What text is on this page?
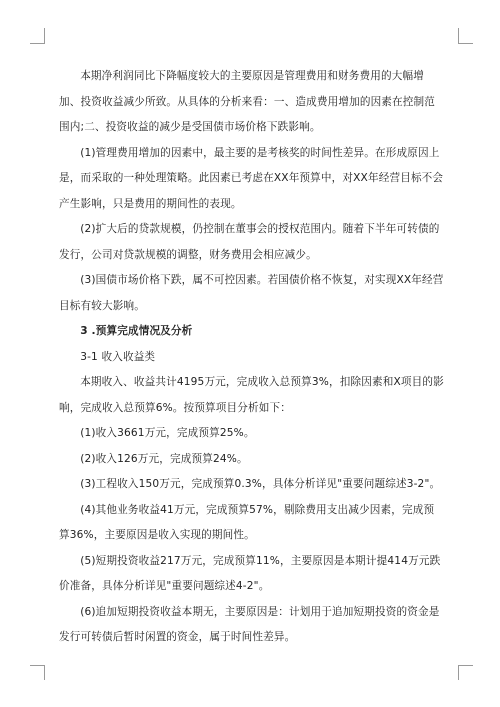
本期净利润同比下降幅度较大的主要原因是管理费用和财务费用的大幅增加、投资收益减少所致。从具体的分析来看：一、造成费用增加的因素在控制范围内;二、投资收益的减少是受国债市场价格下跌影响。

(1)管理费用增加的因素中，最主要的是考核奖的时间性差异。在形成原因上是，而采取的一种处理策略。此因素已考虑在XX年预算中，对XX年经营目标不会产生影响，只是费用的期间性的表现。

(2)扩大后的贷款规模，仍控制在董事会的授权范围内。随着下半年可转债的发行，公司对贷款规模的调整，财务费用会相应减少。

(3)国债市场价格下跌，属不可控因素。若国债价格不恢复，对实现XX年经营目标有较大影响。

3 .预算完成情况及分析

3-1 收入收益类

本期收入、收益共计4195万元，完成收入总预算3%，扣除因素和X项目的影响，完成收入总预算6%。按预算项目分析如下：

(1)收入3661万元，完成预算25%。

(2)收入126万元，完成预算24%。

(3)工程收入150万元，完成预算0.3%，具体分析详见"重要问题综述3-2"。

(4)其他业务收益41万元，完成预算57%，剔除费用支出减少因素，完成预算36%，主要原因是收入实现的期间性。

(5)短期投资收益217万元，完成预算11%，主要原因是本期计提414万元跌价准备，具体分析详见"重要问题综述4-2"。

(6)追加短期投资收益本期无，主要原因是：计划用于追加短期投资的资金是发行可转债后暂时闲置的资金，属于时间性差异。
